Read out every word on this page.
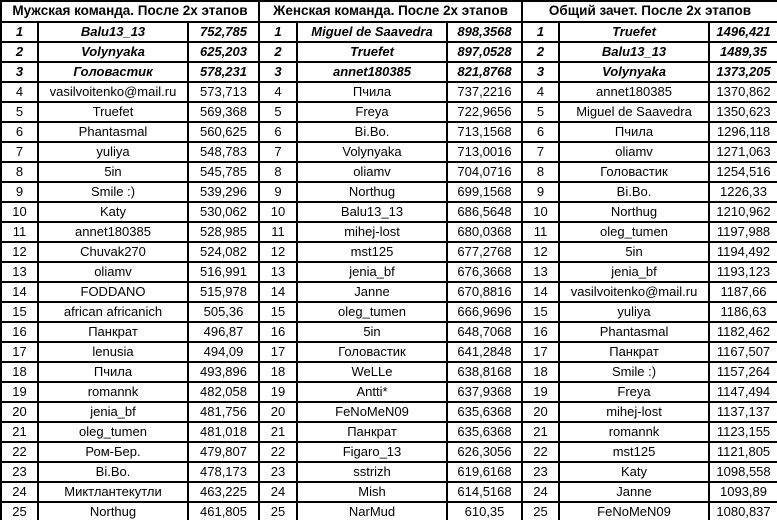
Мужская команда. После 2х этапов			Женская команда. После 2х этапов			Общий зачет. После 2х этапов		
1	Balu13_13	752,785	1	Miguel de Saavedra	898,3568	1	Truefet	1496,421
2	Volynyaka	625,203	2	Truefet	897,0528	2	Balu13_13	1489,35
3	Головастик	578,231	3	annet180385	821,8768	3	Volynyaka	1373,205
4	vasilvoitenko@mail.ru	573,713	4	Пчила	737,2216	4	annet180385	1370,862
5	Truefet	569,368	5	Freya	722,9656	5	Miguel de Saavedra	1350,623
6	Phantasmal	560,625	6	Bi.Bo.	713,1568	6	Пчила	1296,118
7	yuliya	548,783	7	Volynyaka	713,0016	7	oliamv	1271,063
8	5in	545,785	8	oliamv	704,0716	8	Головастик	1254,516
9	Smile :)	539,296	9	Northug	699,1568	9	Bi.Bo.	1226,33
10	Katy	530,062	10	Balu13_13	686,5648	10	Northug	1210,962
11	annet180385	528,985	11	mihej-lost	680,0368	11	oleg_tumen	1197,988
12	Chuvak270	524,082	12	mst125	677,2768	12	5in	1194,492
13	oliamv	516,991	13	jenia_bf	676,3668	13	jenia_bf	1193,123
14	FODDANO	515,978	14	Janne	670,8816	14	vasilvoitenko@mail.ru	1187,66
15	african africanich	505,36	15	oleg_tumen	666,9696	15	yuliya	1186,63
16	Панкрат	496,87	16	5in	648,7068	16	Phantasmal	1182,462
17	lenusia	494,09	17	Головастик	641,2848	17	Панкрат	1167,507
18	Пчила	493,896	18	WeLLe	638,8168	18	Smile :)	1157,264
19	romannk	482,058	19	Antti*	637,9368	19	Freya	1147,494
20	jenia_bf	481,756	20	FeNoMeN09	635,6368	20	mihej-lost	1137,137
21	oleg_tumen	481,018	21	Панкрат	635,6368	21	romannk	1123,155
22	Ром-Бер.	479,807	22	Figaro_13	626,3056	22	mst125	1121,805
23	Bi.Bo.	478,173	23	sstrizh	619,6168	23	Katy	1098,558
24	Миктлантекутли	463,225	24	Mish	614,5168	24	Janne	1093,89
25	Northug	461,805	25	NarMud	610,35	25	FeNoMeN09	1080,837
